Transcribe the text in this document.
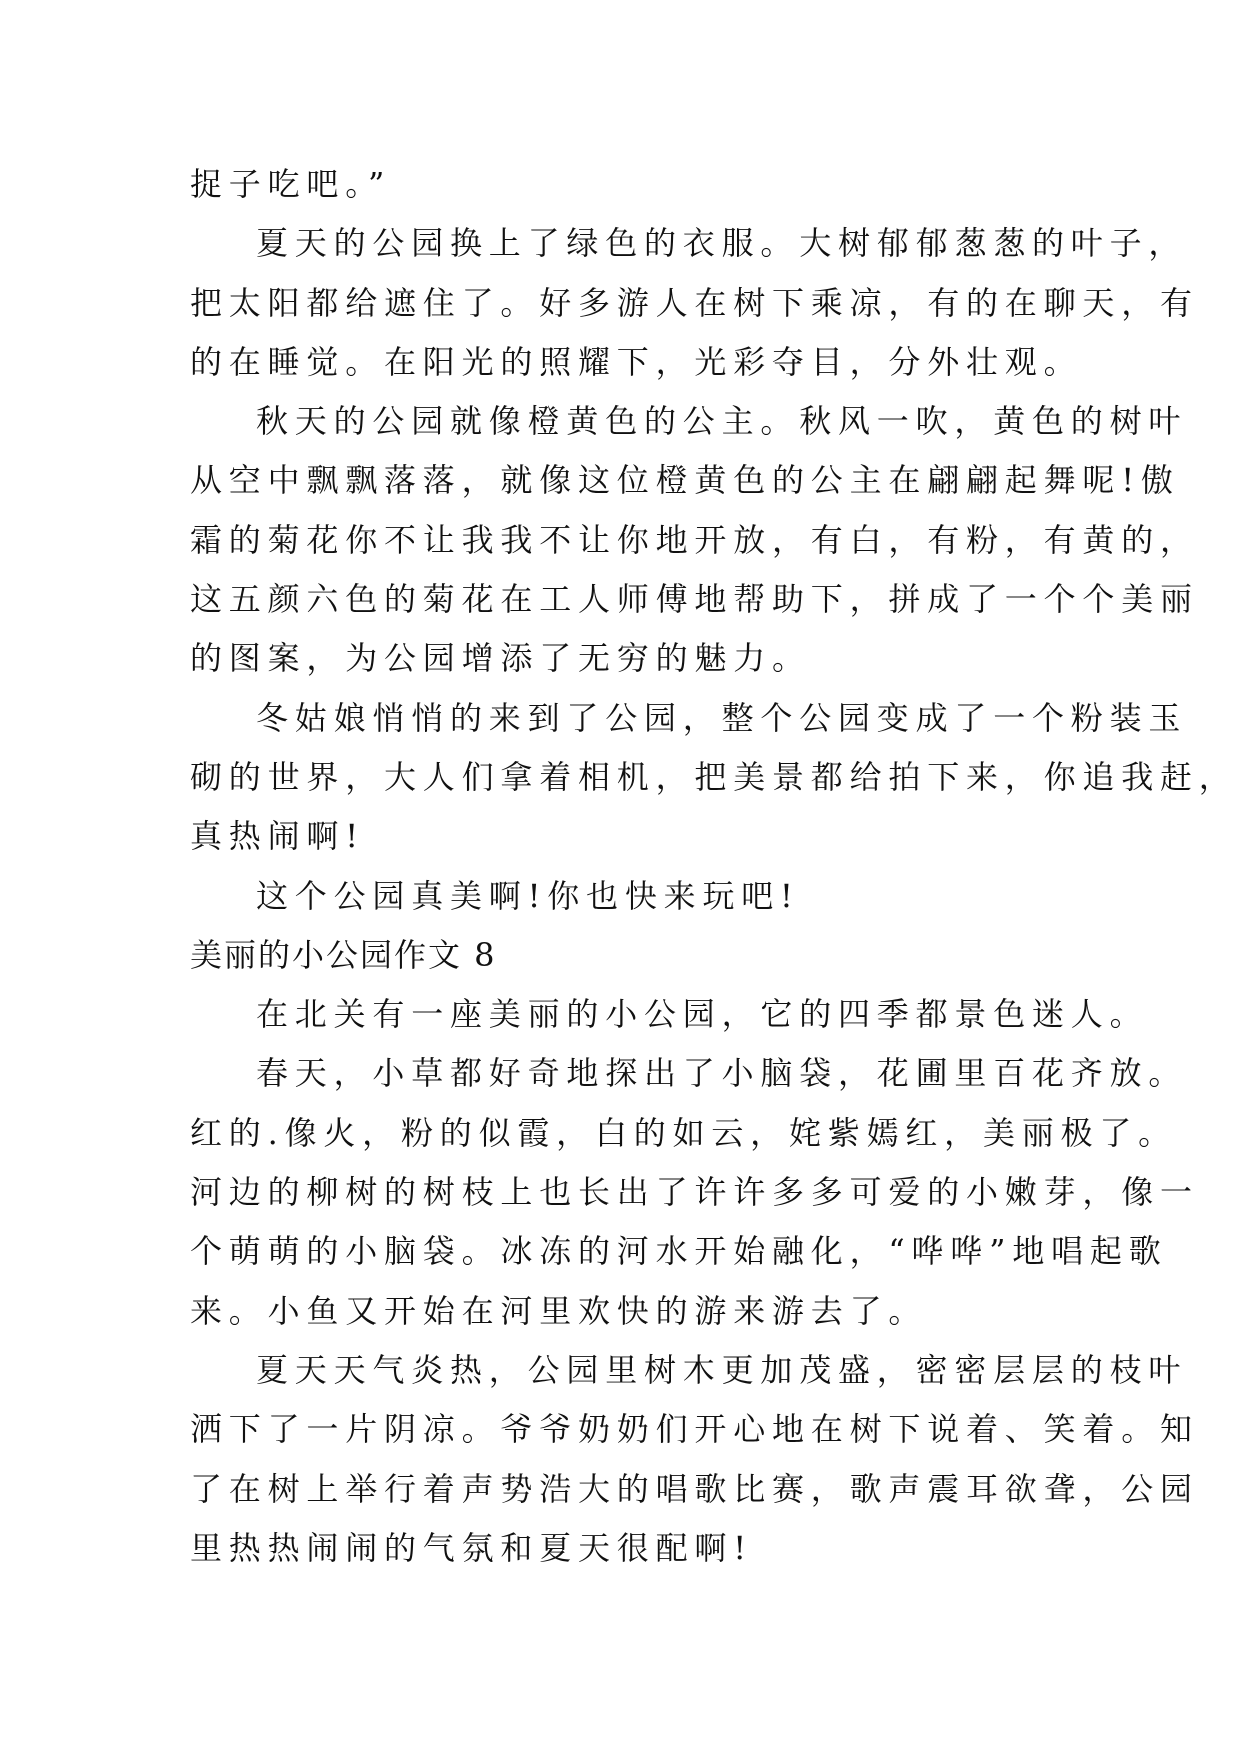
捉子吃吧。”
夏天的公园换上了绿色的衣服。大树郁郁葱葱的叶子，
把太阳都给遮住了。好多游人在树下乘凉，有的在聊天，有
的在睡觉。在阳光的照耀下，光彩夺目，分外壮观。
秋天的公园就像橙黄色的公主。秋风一吹，黄色的树叶
从空中飘飘落落，就像这位橙黄色的公主在翩翩起舞呢!傲
霜的菊花你不让我我不让你地开放，有白，有粉，有黄的，
这五颜六色的菊花在工人师傅地帮助下，拼成了一个个美丽
的图案，为公园增添了无穷的魅力。
冬姑娘悄悄的来到了公园，整个公园变成了一个粉装玉
砌的世界，大人们拿着相机，把美景都给拍下来，你追我赶，
真热闹啊!
这个公园真美啊!你也快来玩吧!
美丽的小公园作文 8
在北关有一座美丽的小公园，它的四季都景色迷人。
春天，小草都好奇地探出了小脑袋，花圃里百花齐放。
红的.像火，粉的似霞，白的如云，姹紫嫣红，美丽极了。
河边的柳树的树枝上也长出了许许多多可爱的小嫩芽，像一
个萌萌的小脑袋。冰冻的河水开始融化，“哗哗”地唱起歌
来。小鱼又开始在河里欢快的游来游去了。
夏天天气炎热，公园里树木更加茂盛，密密层层的枝叶
洒下了一片阴凉。爷爷奶奶们开心地在树下说着、笑着。知
了在树上举行着声势浩大的唱歌比赛，歌声震耳欲聋，公园
里热热闹闹的气氛和夏天很配啊!
